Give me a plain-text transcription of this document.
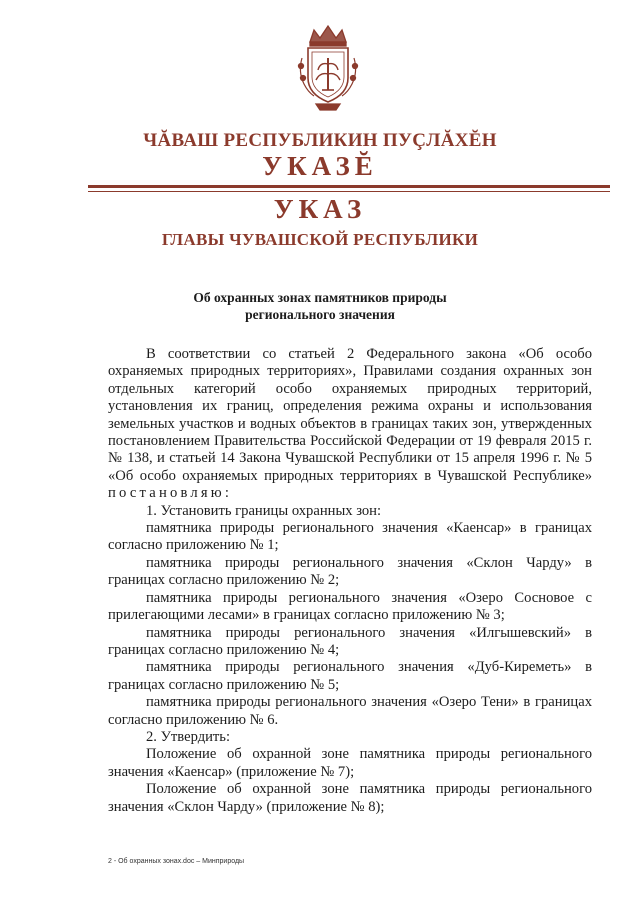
ЧĂВАШ РЕСПУБЛИКИН ПУÇЛĂХĔН
УКАЗĔ
УКАЗ
ГЛАВЫ ЧУВАШСКОЙ РЕСПУБЛИКИ
Об охранных зонах памятников природы
регионального значения

В соответствии со статьей 2 Федерального закона «Об особо охраняемых природных территориях», Правилами создания охранных зон отдельных категорий особо охраняемых природных территорий, установления их границ, определения режима охраны и использования земельных участков и водных объектов в границах таких зон, утвержденных постановлением Правительства Российской Федерации от 19 февраля 2015 г. № 138, и статьей 14 Закона Чувашской Республики от 15 апреля 1996 г. № 5 «Об особо охраняемых природных территориях в Чувашской Республике» постановляю:

1. Установить границы охранных зон:

памятника природы регионального значения «Каенсар» в границах согласно приложению № 1;

памятника природы регионального значения «Склон Чарду» в границах согласно приложению № 2;

памятника природы регионального значения «Озеро Сосновое с прилегающими лесами» в границах согласно приложению № 3;

памятника природы регионального значения «Илгышевский» в границах согласно приложению № 4;

памятника природы регионального значения «Дуб-Киреметь» в границах согласно приложению № 5;

памятника природы регионального значения «Озеро Тени» в границах согласно приложению № 6.

2. Утвердить:

Положение об охранной зоне памятника природы регионального значения «Каенсар» (приложение № 7);

Положение об охранной зоне памятника природы регионального значения «Склон Чарду» (приложение № 8);

2 - Об охранных зонах.doc – Минприроды
